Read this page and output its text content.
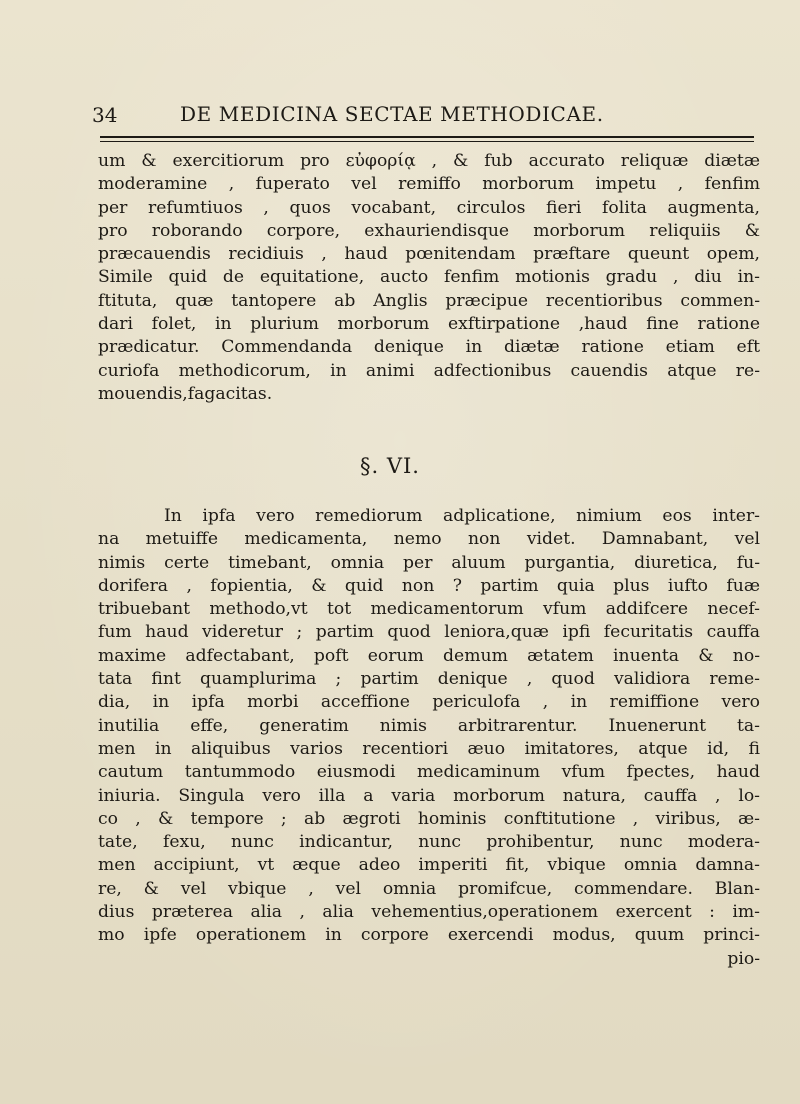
34	DE MEDICINA SECTAE METHODICAE.
um & exercitiorum pro εὐφορίᾳ , & fub accurato reliquæ diætæ
moderamine , fuperato vel remiffo morborum impetu , fenfim
per refumtiuos , quos vocabant, circulos fieri folita augmenta,
pro roborando corpore, exhauriendisque morborum reliquiis &
præcauendis recidiuis , haud pœnitendam præftare queunt opem,
Simile quid de equitatione, aucto fenfim motionis gradu , diu in-
ftituta, quæ tantopere ab Anglis præcipue recentioribus commen-
dari folet, in plurium morborum exftirpatione ,haud fine ratione
prædicatur. Commendanda denique in diætæ ratione etiam eft
curiofa methodicorum, in animi adfectionibus cauendis atque re-
mouendis,fagacitas.
§. VI.
In ipfa vero remediorum adplicatione, nimium eos inter-
na metuiffe medicamenta, nemo non videt. Damnabant, vel
nimis certe timebant, omnia per aluum purgantia, diuretica, fu-
dorifera , fopientia, & quid non ? partim quia plus iufto fuæ
tribuebant methodo,vt tot medicamentorum vfum addifcere necef-
fum haud videretur ; partim quod leniora,quæ ipfi fecuritatis cauffa
maxime adfectabant, poft eorum demum ætatem inuenta & no-
tata fint quamplurima ; partim denique , quod validiora reme-
dia, in ipfa morbi acceffione periculofa , in remiffione vero
inutilia effe, generatim nimis arbitrarentur. Inuenerunt ta-
men in aliquibus varios recentiori æuo imitatores, atque id, fi
cautum tantummodo eiusmodi medicaminum vfum fpectes, haud
iniuria. Singula vero illa a varia morborum natura, cauffa , lo-
co , & tempore ; ab ægroti hominis conftitutione , viribus, æ-
tate, fexu, nunc indicantur, nunc prohibentur, nunc modera-
men accipiunt, vt æque adeo imperiti fit, vbique omnia damna-
re, & vel vbique , vel omnia promifcue, commendare. Blan-
dius præterea alia , alia vehementius,operationem exercent : im-
mo ipfe operationem in corpore exercendi modus, quum princi-
pio-
